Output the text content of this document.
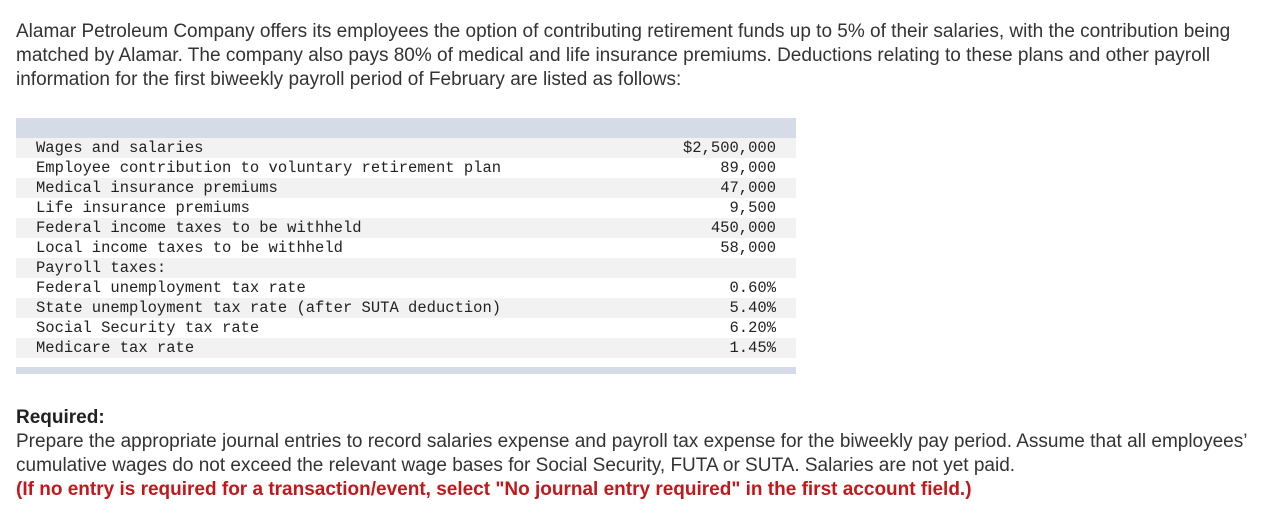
Alamar Petroleum Company offers its employees the option of contributing retirement funds up to 5% of their salaries, with the contribution being matched by Alamar. The company also pays 80% of medical and life insurance premiums. Deductions relating to these plans and other payroll information for the first biweekly payroll period of February are listed as follows:

Wages and salaries	$2,500,000
Employee contribution to voluntary retirement plan	89,000
Medical insurance premiums	47,000
Life insurance premiums	9,500
Federal income taxes to be withheld	450,000
Local income taxes to be withheld	58,000
Payroll taxes:	
Federal unemployment tax rate	0.60%
State unemployment tax rate (after SUTA deduction)	5.40%
Social Security tax rate	6.20%
Medicare tax rate	1.45%
Required:
Prepare the appropriate journal entries to record salaries expense and payroll tax expense for the biweekly pay period. Assume that all employees’ cumulative wages do not exceed the relevant wage bases for Social Security, FUTA or SUTA. Salaries are not yet paid.
(If no entry is required for a transaction/event, select "No journal entry required" in the first account field.)
